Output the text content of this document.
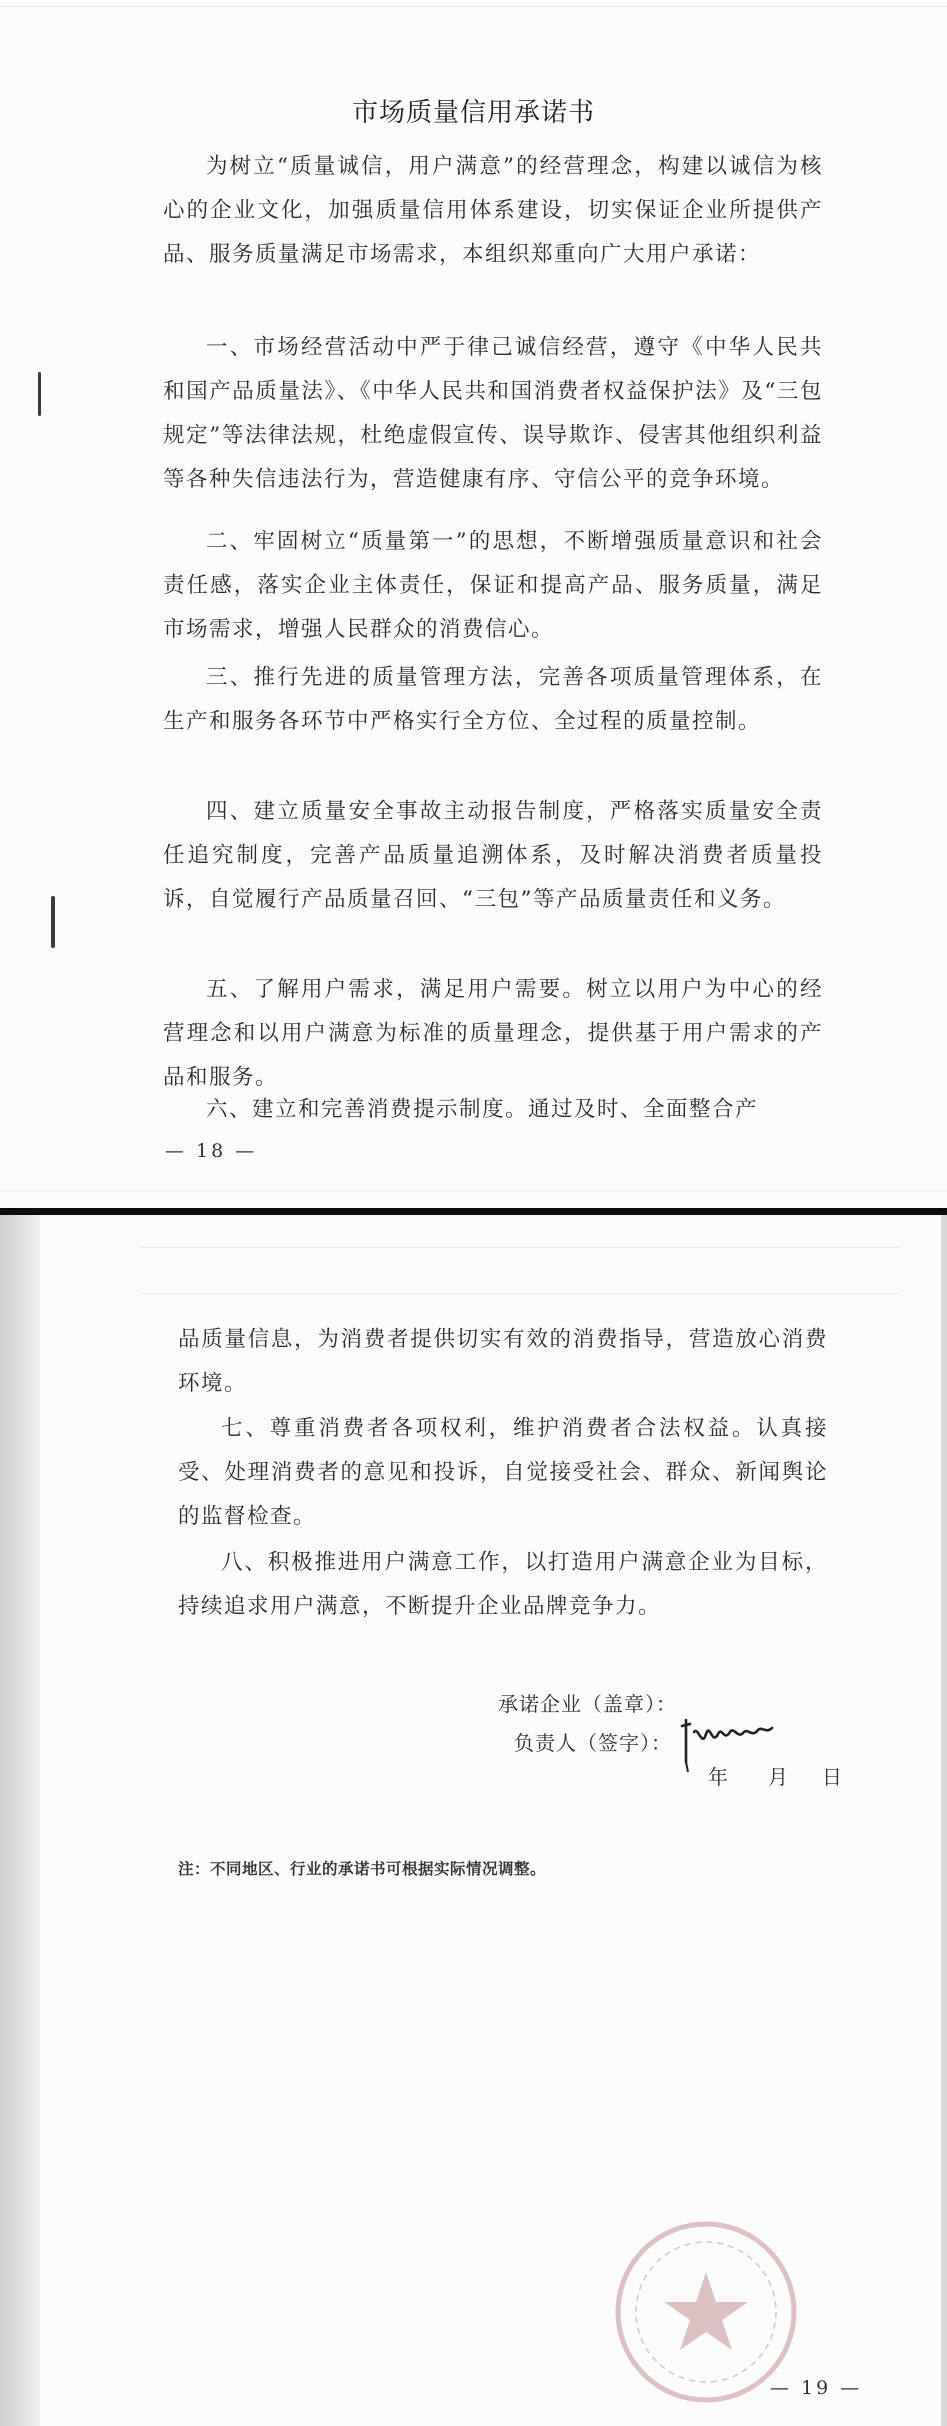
市场质量信用承诺书
为树立“质量诚信，用户满意”的经营理念，构建以诚信为核心的企业文化，加强质量信用体系建设，切实保证企业所提供产品、服务质量满足市场需求，本组织郑重向广大用户承诺：
一、市场经营活动中严于律己诚信经营，遵守《中华人民共和国产品质量法》、《中华人民共和国消费者权益保护法》及“三包规定”等法律法规，杜绝虚假宣传、误导欺诈、侵害其他组织利益等各种失信违法行为，营造健康有序、守信公平的竞争环境。
二、牢固树立“质量第一”的思想，不断增强质量意识和社会责任感，落实企业主体责任，保证和提高产品、服务质量，满足市场需求，增强人民群众的消费信心。
三、推行先进的质量管理方法，完善各项质量管理体系，在生产和服务各环节中严格实行全方位、全过程的质量控制。
四、建立质量安全事故主动报告制度，严格落实质量安全责任追究制度，完善产品质量追溯体系，及时解决消费者质量投诉，自觉履行产品质量召回、“三包”等产品质量责任和义务。
五、了解用户需求，满足用户需要。树立以用户为中心的经营理念和以用户满意为标准的质量理念，提供基于用户需求的产品和服务。
六、建立和完善消费提示制度。通过及时、全面整合产
— 18 —
品质量信息，为消费者提供切实有效的消费指导，营造放心消费环境。
七、尊重消费者各项权利，维护消费者合法权益。认真接受、处理消费者的意见和投诉，自觉接受社会、群众、新闻舆论的监督检查。
八、积极推进用户满意工作，以打造用户满意企业为目标，持续追求用户满意，不断提升企业品牌竞争力。
承诺企业（盖章）：
负责人（签字）：
年 月 日
注：不同地区、行业的承诺书可根据实际情况调整。
— 19 —
